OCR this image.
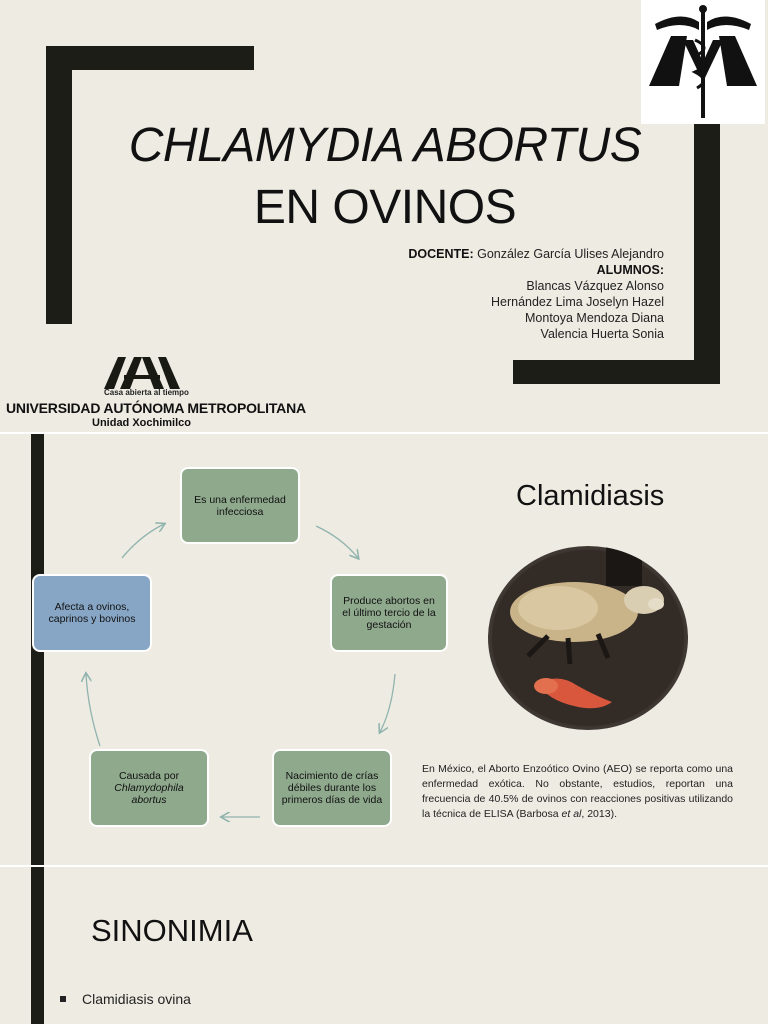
CHLAMYDIA ABORTUS
EN OVINOS
DOCENTE: González García Ulises Alejandro
ALUMNOS:
Blancas Vázquez Alonso
Hernández Lima Joselyn Hazel
Montoya Mendoza Diana
Valencia Huerta Sonia
Casa abierta al tiempo
UNIVERSIDAD AUTÓNOMA METROPOLITANA
Unidad Xochimilco
Es una enfermedad infecciosa
Produce abortos en el último tercio de la gestación
Nacimiento de crías débiles durante los primeros días de vida
Causada por
Chlamydophila abortus
Afecta a ovinos, caprinos y bovinos
Clamidiasis
En México, el Aborto Enzoótico Ovino (AEO) se reporta como una enfermedad exótica. No obstante, estudios, reportan una frecuencia de 40.5% de ovinos con reacciones positivas utilizando la técnica de ELISA (Barbosa et al, 2013).
SINONIMIA
Clamidiasis ovina
